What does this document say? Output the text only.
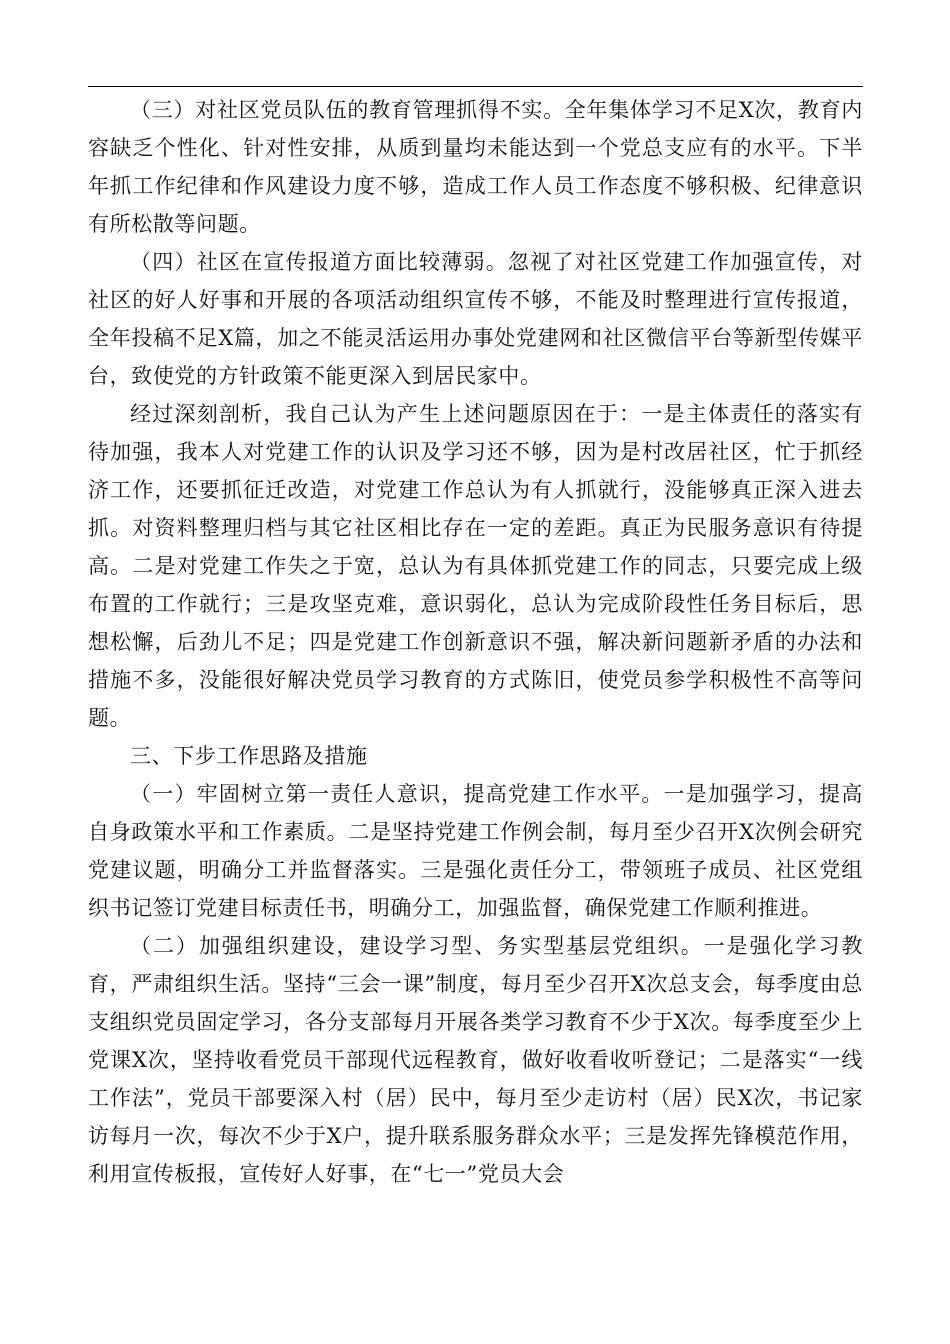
（三）对社区党员队伍的教育管理抓得不实。全年集体学习不足X次，教育内容缺乏个性化、针对性安排，从质到量均未能达到一个党总支应有的水平。下半年抓工作纪律和作风建设力度不够，造成工作人员工作态度不够积极、纪律意识有所松散等问题。

（四）社区在宣传报道方面比较薄弱。忽视了对社区党建工作加强宣传，对社区的好人好事和开展的各项活动组织宣传不够，不能及时整理进行宣传报道，全年投稿不足X篇，加之不能灵活运用办事处党建网和社区微信平台等新型传媒平台，致使党的方针政策不能更深入到居民家中。

经过深刻剖析，我自己认为产生上述问题原因在于：一是主体责任的落实有待加强，我本人对党建工作的认识及学习还不够，因为是村改居社区，忙于抓经济工作，还要抓征迁改造，对党建工作总认为有人抓就行，没能够真正深入进去抓。对资料整理归档与其它社区相比存在一定的差距。真正为民服务意识有待提高。二是对党建工作失之于宽，总认为有具体抓党建工作的同志，只要完成上级布置的工作就行；三是攻坚克难，意识弱化，总认为完成阶段性任务目标后，思想松懈，后劲儿不足；四是党建工作创新意识不强，解决新问题新矛盾的办法和措施不多，没能很好解决党员学习教育的方式陈旧，使党员参学积极性不高等问题。

三、下步工作思路及措施

（一）牢固树立第一责任人意识，提高党建工作水平。一是加强学习，提高自身政策水平和工作素质。二是坚持党建工作例会制，每月至少召开X次例会研究党建议题，明确分工并监督落实。三是强化责任分工，带领班子成员、社区党组织书记签订党建目标责任书，明确分工，加强监督，确保党建工作顺利推进。

（二）加强组织建设，建设学习型、务实型基层党组织。一是强化学习教育，严肃组织生活。坚持“三会一课”制度，每月至少召开X次总支会，每季度由总支组织党员固定学习，各分支部每月开展各类学习教育不少于X次。每季度至少上党课X次，坚持收看党员干部现代远程教育，做好收看收听登记；二是落实“一线工作法”，党员干部要深入村（居）民中，每月至少走访村（居）民X次，书记家访每月一次，每次不少于X户，提升联系服务群众水平；三是发挥先锋模范作用，利用宣传板报，宣传好人好事，在“七一”党员大会
